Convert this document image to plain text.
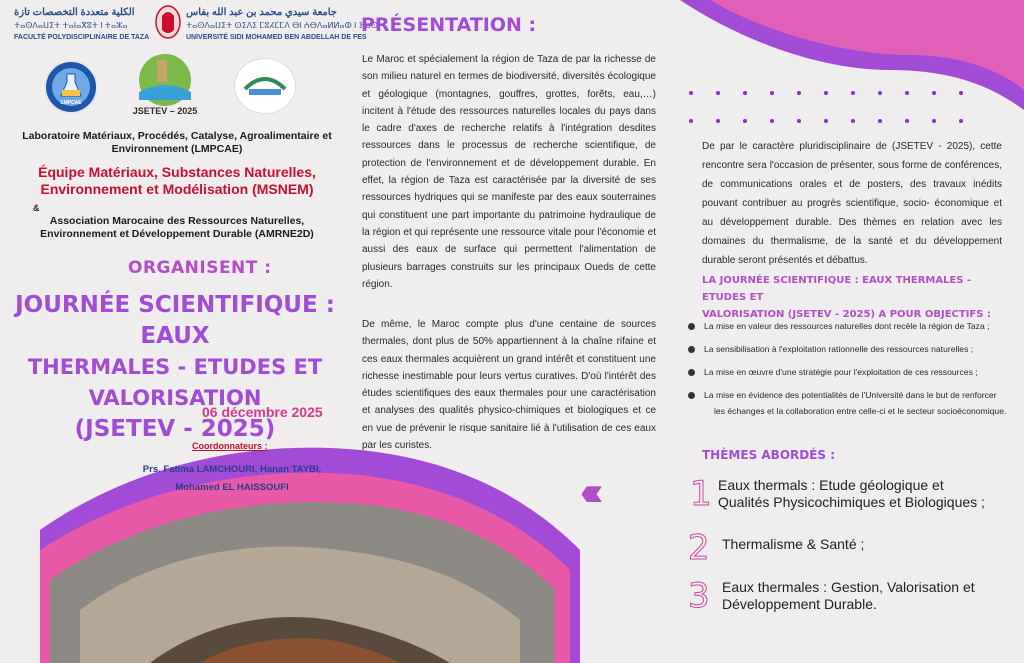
الكلية متعددة التخصصات تازة
ⵜⴰⵙⴷⴰⵡⵉⵜ ⵜⴰⵏⴰⴳⵓⵜ ⵏ ⵜⴰⵣⴰ
FACULTÉ POLYDISCIPLINAIRE DE TAZA
جامعة سيدي محمد بن عبد الله بفاس
ⵜⴰⵙⴷⴰⵡⵉⵜ ⵙⵉⴷⵉ ⵎⵓⵃⵎⵎⴷ ⴱⵏ ⵄⴱⴷⴰⵍⵍⴰⵀ ⵏ ⴼⴰⵙ
UNIVERSITÉ SIDI MOHAMED BEN ABDELLAH DE FES
LMPCAE
JSETEV – 2025
Laboratoire Matériaux, Procédés, Catalyse, Agroalimentaire et Environnement (LMPCAE)
Équipe Matériaux, Substances Naturelles, Environnement et Modélisation (MSNEM)
&
Association Marocaine des Ressources Naturelles, Environnement et Développement Durable (AMRNE2D)
ORGANISENT :
JOURNÉE SCIENTIFIQUE : EAUX
THERMALES - ETUDES ET VALORISATION
(JSETEV - 2025)
06 décembre 2025
Coordonnateurs :
Prs. Fatima LAMCHOURI, Hanan TAYBI,
Mohamed EL HAISSOUFI
PRÉSENTATION :
Le Maroc et spécialement la région de Taza de par la richesse de son milieu naturel en termes de biodiversité, diversités écologique et géologique (montagnes, gouffres, grottes, forêts, eau,…) incitent à l'étude des ressources naturelles locales du pays dans le cadre d'axes de recherche relatifs à l'intégration desdites ressources dans le processus de recherche scientifique, de protection de l'environnement et de développement durable. En effet, la région de Taza est caractérisée par la diversité de ses ressources hydriques qui se manifeste par des eaux souterraines qui constituent une part importante du patrimoine hydraulique de la région et qui représente une ressource vitale pour l'économie et aussi des eaux de surface qui permettent l'alimentation de plusieurs barrages construits sur les principaux Oueds de cette région.
De même, le Maroc compte plus d'une centaine de sources thermales, dont plus de 50% appartiennent à la chaîne rifaine et ces eaux thermales acquièrent un grand intérêt et constituent une richesse inestimable pour leurs vertus curatives. D'où l'intérêt des études scientifiques des eaux thermales pour une caractérisation et analyses des qualités physico-chimiques et biologiques et ce en vue de prévenir le risque sanitaire lié à l'utilisation de ces eaux par les curistes.
‹‹‹‹
De par le caractère pluridisciplinaire de (JSETEV - 2025), cette rencontre sera l'occasion de présenter, sous forme de conférences, de communications orales et de posters, des travaux inédits pouvant contribuer au progrès scientifique, socio- économique et au développement durable. Des thèmes en relation avec les domaines du thermalisme, de la santé et du développement durable seront présentés et débattus.
LA JOURNÉE SCIENTIFIQUE : EAUX THERMALES - ETUDES ET
VALORISATION (JSETEV - 2025) A POUR OBJECTIFS :
La mise en valeur des ressources naturelles dont recèle la région de Taza ;
La sensibilisation à l'exploitation rationnelle des ressources naturelles ;
La mise en œuvre d'une stratégie pour l'exploitation de ces ressources ;
La mise en évidence des potentialités de l'Université dans le but de renforcer
les échanges et la collaboration entre celle-ci et le secteur socioéconomique.
THÈMES ABORDÉS :
1 Eaux thermals : Etude géologique et
Qualités Physicochimiques et Biologiques ;
2 Thermalisme & Santé ;
3 Eaux thermales : Gestion, Valorisation et
Développement Durable.
